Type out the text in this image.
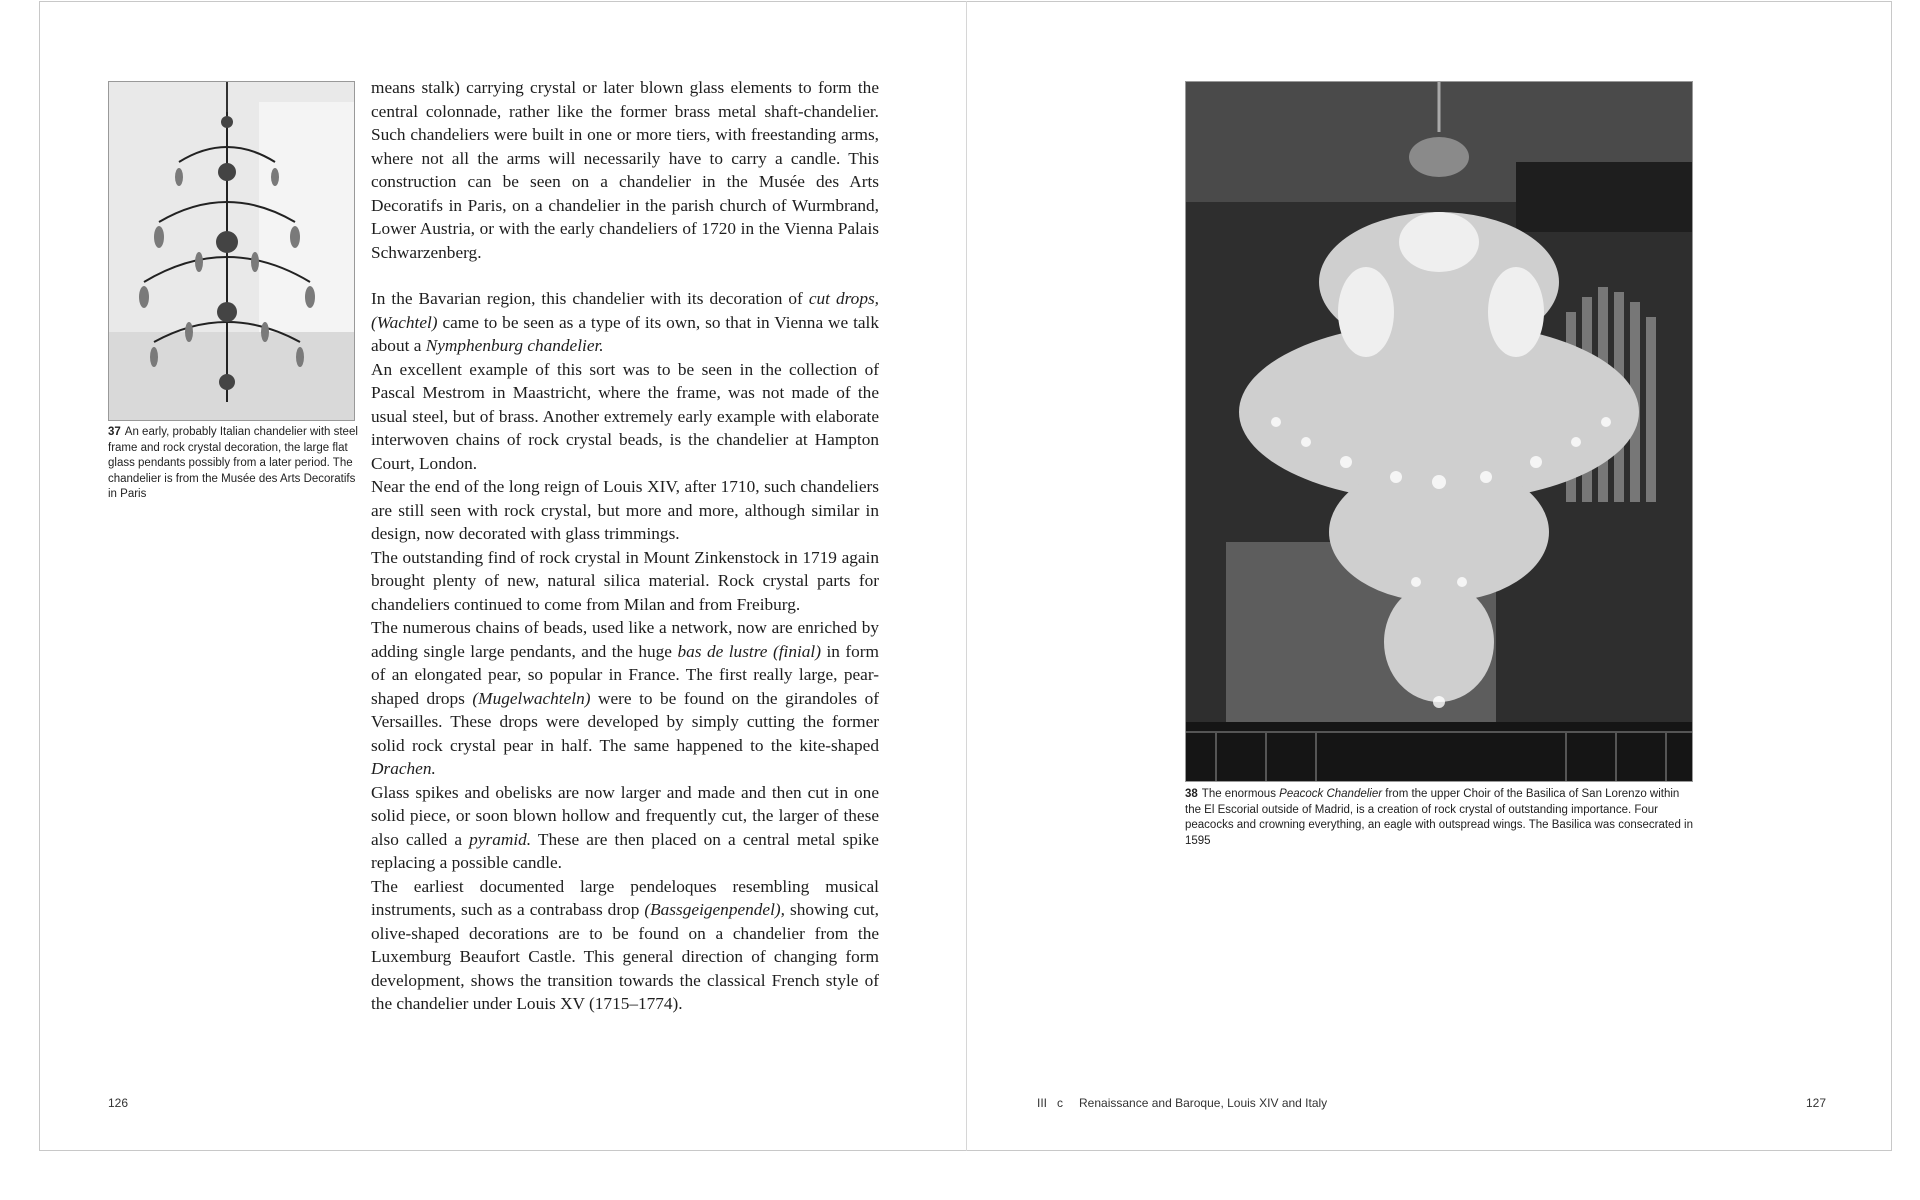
37 An early, probably Italian chandelier with steel frame and rock crystal decoration, the large flat glass pendants possibly from a later period. The chandelier is from the Musée des Arts Decoratifs in Paris

means stalk) carrying crystal or later blown glass elements to form the central colonnade, rather like the former brass metal shaft-chandelier. Such chandeliers were built in one or more tiers, with freestanding arms, where not all the arms will necessarily have to carry a candle. This construction can be seen on a chandelier in the Musée des Arts Decoratifs in Paris, on a chandelier in the parish church of Wurmbrand, Lower Austria, or with the early chandeliers of 1720 in the Vienna Palais Schwarzenberg.

In the Bavarian region, this chandelier with its decoration of cut drops, (Wachtel) came to be seen as a type of its own, so that in Vienna we talk about a Nymphenburg chandelier.

An excellent example of this sort was to be seen in the collection of Pascal Mestrom in Maastricht, where the frame, was not made of the usual steel, but of brass. Another extremely early example with elaborate interwoven chains of rock crystal beads, is the chandelier at Hampton Court, London.

Near the end of the long reign of Louis XIV, after 1710, such chandeliers are still seen with rock crystal, but more and more, although similar in design, now decorated with glass trimmings.

The outstanding find of rock crystal in Mount Zinkenstock in 1719 again brought plenty of new, natural silica material. Rock crystal parts for chandeliers continued to come from Milan and from Freiburg.

The numerous chains of beads, used like a network, now are enriched by adding single large pendants, and the huge bas de lustre (finial) in form of an elongated pear, so popular in France. The first really large, pear-shaped drops (Mugelwachteln) were to be found on the girandoles of Versailles. These drops were developed by simply cutting the former solid rock crystal pear in half. The same happened to the kite-shaped Drachen.

Glass spikes and obelisks are now larger and made and then cut in one solid piece, or soon blown hollow and frequently cut, the larger of these also called a pyramid. These are then placed on a central metal spike replacing a possible candle.

The earliest documented large pendeloques resembling musical instruments, such as a contrabass drop (Bassgeigenpendel), showing cut, olive-shaped decorations are to be found on a chandelier from the Luxemburg Beaufort Castle. This general direction of changing form development, shows the transition towards the classical French style of the chandelier under Louis XV (1715–1774).

38 The enormous Peacock Chandelier from the upper Choir of the Basilica of San Lorenzo within the El Escorial outside of Madrid, is a creation of rock crystal of outstanding importance. Four peacocks and crowning everything, an eagle with outspread wings. The Basilica was consecrated in 1595
126	III c Renaissance and Baroque, Louis XIV and Italy	127
